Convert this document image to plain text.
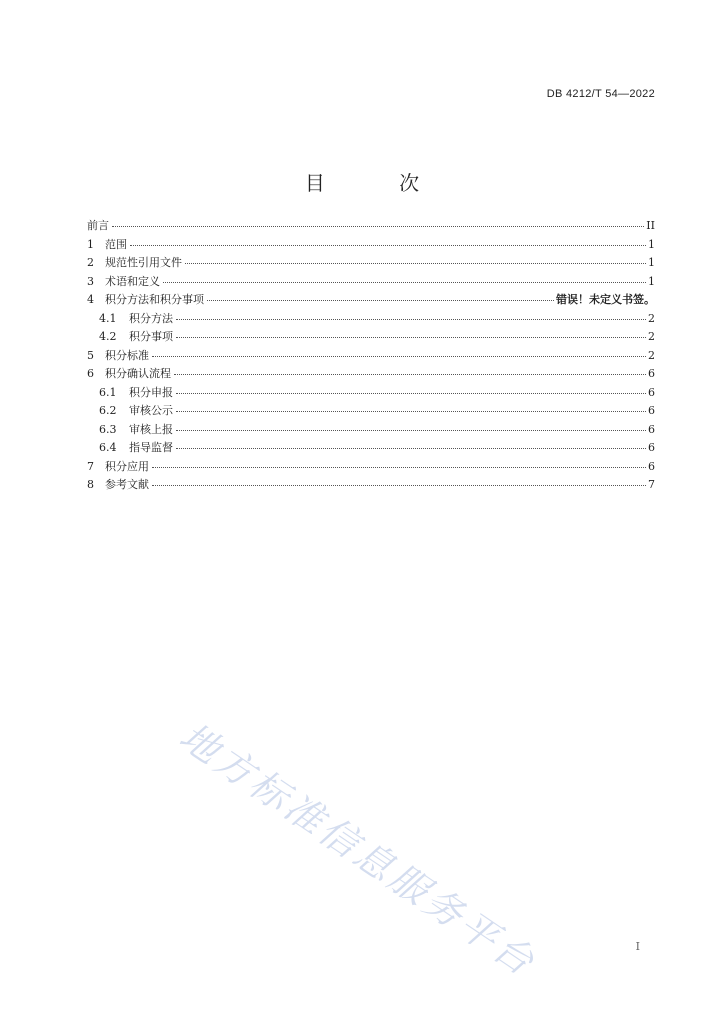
DB 4212/T 54—2022
目 次
前言	II
1	范围	1
2	规范性引用文件	1
3	术语和定义	1
4	积分方法和积分事项	错误！未定义书签。
4.1	积分方法	2
4.2	积分事项	2
5	积分标准	2
6	积分确认流程	6
6.1	积分申报	6
6.2	审核公示	6
6.3	审核上报	6
6.4	指导监督	6
7	积分应用	6
8	参考文献	7
地方标准信息服务平台	I
